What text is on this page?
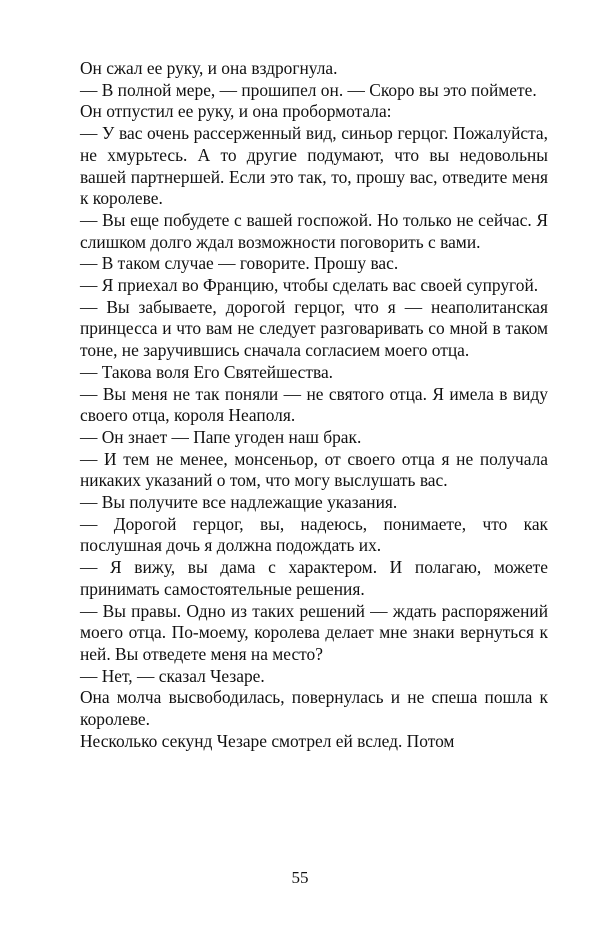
Он сжал ее руку, и она вздрогнула.

— В полной мере, — прошипел он. — Скоро вы это поймете.

Он отпустил ее руку, и она пробормотала:

— У вас очень рассерженный вид, синьор герцог. Пожалуйста, не хмурьтесь. А то другие подумают, что вы недовольны вашей партнершей. Если это так, то, прошу вас, отведите меня к королеве.

— Вы еще побудете с вашей госпожой. Но только не сейчас. Я слишком долго ждал возможности поговорить с вами.

— В таком случае — говорите. Прошу вас.

— Я приехал во Францию, чтобы сделать вас своей супругой.

— Вы забываете, дорогой герцог, что я — неаполитанская принцесса и что вам не следует разговаривать со мной в таком тоне, не заручившись сначала согласием моего отца.

— Такова воля Его Святейшества.

— Вы меня не так поняли — не святого отца. Я имела в виду своего отца, короля Неаполя.

— Он знает — Папе угоден наш брак.

— И тем не менее, монсеньор, от своего отца я не получала никаких указаний о том, что могу выслушать вас.

— Вы получите все надлежащие указания.

— Дорогой герцог, вы, надеюсь, понимаете, что как послушная дочь я должна подождать их.

— Я вижу, вы дама с характером. И полагаю, можете принимать самостоятельные решения.

— Вы правы. Одно из таких решений — ждать распоряжений моего отца. По-моему, королева делает мне знаки вернуться к ней. Вы отведете меня на место?

— Нет, — сказал Чезаре.

Она молча высвободилась, повернулась и не спеша пошла к королеве.

Несколько секунд Чезаре смотрел ей вслед. Потом

55
